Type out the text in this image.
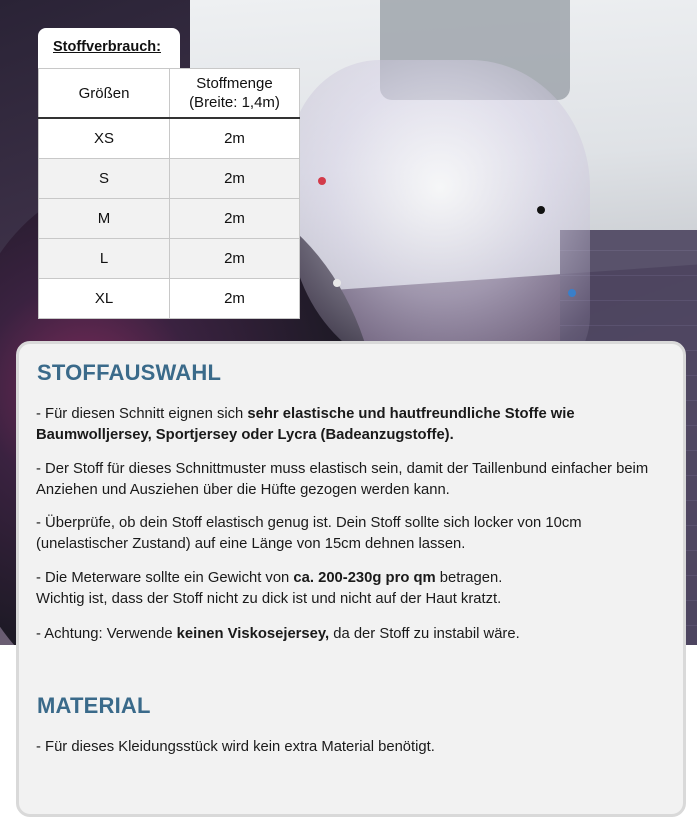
Stoffverbrauch:
Größen	Stoffmenge
(Breite: 1,4m)

XS	2m
S	2m
M	2m
L	2m
XL	2m
STOFFAUSWAHL
- Für diesen Schnitt eignen sich sehr elastische und hautfreundliche Stoffe wie Baumwolljersey, Sportjersey oder Lycra (Badeanzugstoffe).
- Der Stoff für dieses Schnittmuster muss elastisch sein, damit der Taillenbund einfacher beim Anziehen und Ausziehen über die Hüfte gezogen werden kann.
- Überprüfe, ob dein Stoff elastisch genug ist. Dein Stoff sollte sich locker von 10cm (unelastischer Zustand) auf eine Länge von 15cm dehnen lassen.
- Die Meterware sollte ein Gewicht von ca. 200-230g pro qm betragen.
Wichtig ist, dass der Stoff nicht zu dick ist und nicht auf der Haut kratzt.
- Achtung: Verwende keinen Viskosejersey, da der Stoff zu instabil wäre.
MATERIAL
- Für dieses Kleidungsstück wird kein extra Material benötigt.
